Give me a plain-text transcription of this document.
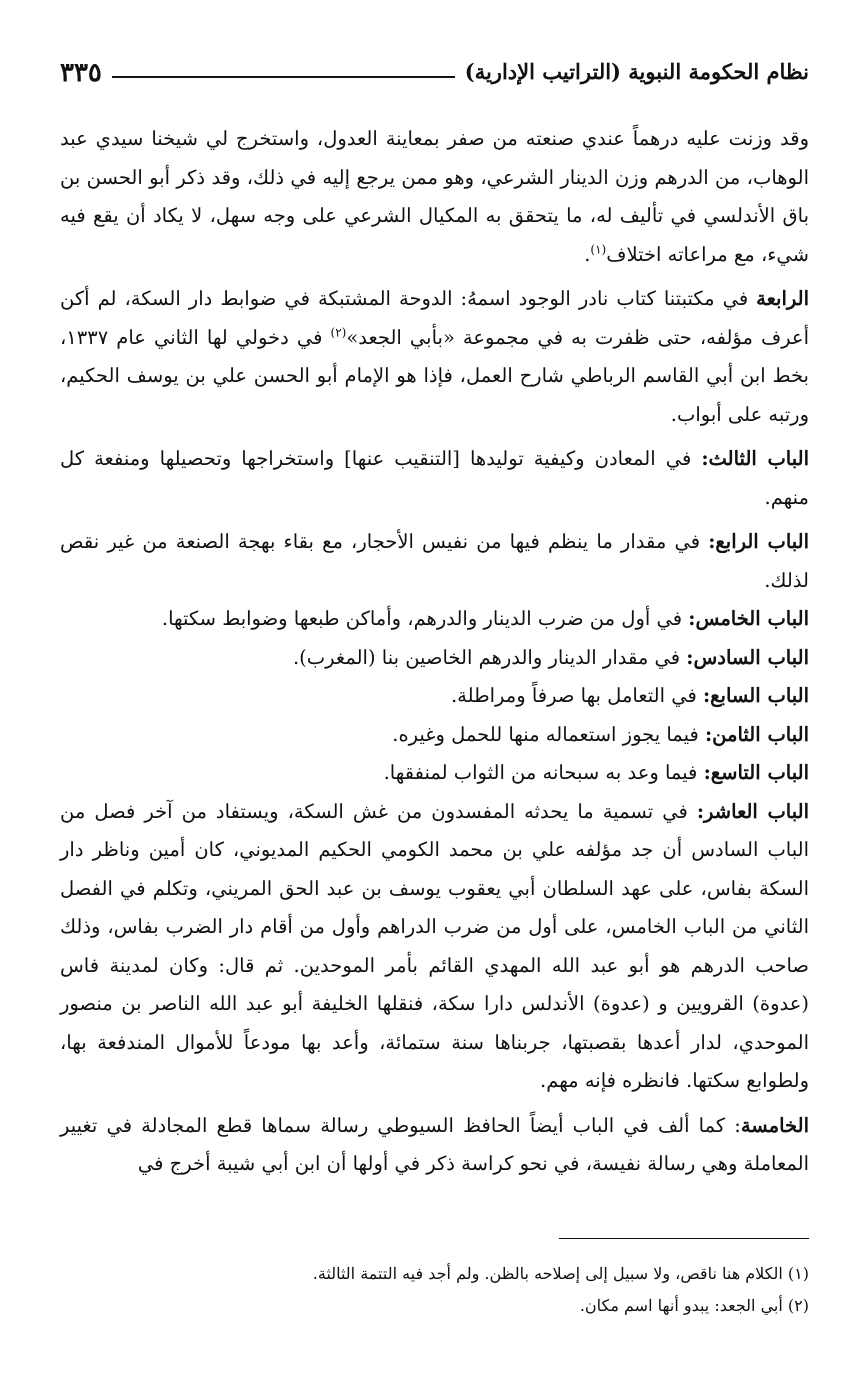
نظام الحكومة النبوية (التراتيب الإدارية)
٣٣٥

وقد وزنت عليه درهماً عندي صنعته من صفر بمعاينة العدول، واستخرج لي شيخنا سيدي عبد الوهاب، من الدرهم وزن الدينار الشرعي، وهو ممن يرجع إليه في ذلك، وقد ذكر أبو الحسن بن باق الأندلسي في تأليف له، ما يتحقق به المكيال الشرعي على وجه سهل، لا يكاد أن يقع فيه شيء، مع مراعاته اختلاف$^{(١)}$.

الرابعة في مكتبتنا كتاب نادر الوجود اسمهُ: الدوحة المشتبكة في ضوابط دار السكة، لم أكن أعرف مؤلفه، حتى ظفرت به في مجموعة «بأبي الجعد»$^{(٢)}$ في دخولي لها الثاني عام ١٣٣٧، بخط ابن أبي القاسم الرباطي شارح العمل، فإذا هو الإمام أبو الحسن علي بن يوسف الحكيم، ورتبه على أبواب.

الباب الثالث: في المعادن وكيفية توليدها [التنقيب عنها] واستخراجها وتحصيلها ومنفعة كل منهم.

الباب الرابع: في مقدار ما ينظم فيها من نفيس الأحجار، مع بقاء بهجة الصنعة من غير نقص لذلك.

الباب الخامس: في أول من ضرب الدينار والدرهم، وأماكن طبعها وضوابط سكتها.

الباب السادس: في مقدار الدينار والدرهم الخاصين بنا (المغرب).

الباب السابع: في التعامل بها صرفاً ومراطلة.

الباب الثامن: فيما يجوز استعماله منها للحمل وغيره.

الباب التاسع: فيما وعد به سبحانه من الثواب لمنفقها.

الباب العاشر: في تسمية ما يحدثه المفسدون من غش السكة، ويستفاد من آخر فصل من الباب السادس أن جد مؤلفه علي بن محمد الكومي الحكيم المديوني، كان أمين وناظر دار السكة بفاس، على عهد السلطان أبي يعقوب يوسف بن عبد الحق المريني، وتكلم في الفصل الثاني من الباب الخامس، على أول من ضرب الدراهم وأول من أقام دار الضرب بفاس، وذلك صاحب الدرهم هو أبو عبد الله المهدي القائم بأمر الموحدين. ثم قال: وكان لمدينة فاس (عدوة) القرويين و (عدوة) الأندلس دارا سكة، فنقلها الخليفة أبو عبد الله الناصر بن منصور الموحدي، لدار أعدها بقصبتها، جربناها سنة ستمائة، وأعد بها مودعاً للأموال المندفعة بها، ولطوابع سكتها. فانظره فإنه مهم.

الخامسة: كما ألف في الباب أيضاً الحافظ السيوطي رسالة سماها قطع المجادلة في تغيير المعاملة وهي رسالة نفيسة، في نحو كراسة ذكر في أولها أن ابن أبي شيبة أخرج في

(١) الكلام هنا ناقص، ولا سبيل إلى إصلاحه بالظن. ولم أجد فيه التتمة الثالثة.

(٢) أبي الجعد: يبدو أنها اسم مكان.
